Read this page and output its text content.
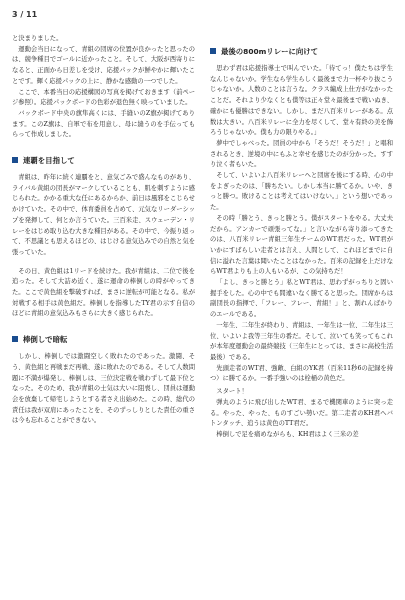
3 / 11

と決まりました。

運動会当日になって、青組の団席の位置が良かったと思ったのは、競争種目でゴールに近かったこと。そして、大阪が西寄りになると、正面から日差しを受け、応援パックが鮮やかに輝いたことです。輝く応援パックの上に、静かな感動の一つでした。

ここで、本番当日の応援構図の写真を掲げておきます（前ページ参照）。応援パックボードの色彩が退色無く映っていました。

バックボード中央の旗隼高くには、手縫いのZ旗が掲げてあります。このZ旗は、自軍で布を用意し、母に縫うのを手伝ってもらって作成しました。

連覇を目指して

青組は、昨年に続く連覇をと、意気ごみで盛んなものがあり、ライバル黄組の団長がマークしていることも、肌を刺すように感じられた。かかる重大な任にあるからか、前日は風邪をこじらせかけていた。その中で、体育委員を占めて、元気なリーダーシップを発揮して、何とか言うていた。三百米走、スウェーデン・リレーをはじめ取り込む大きな種目がある。その中で、今振り返って、不思議とも思えるほどの、はじける意気込みでの自然と気を張っていた。

その日、黄色組は1リードを続けた。我が青組は、二位で後を追った。そして大詰め近く、遂に運命の棒倒しの時がやってきた。ここで黄色組を撃破すれば、まさに逆転が可能となる。私が対戦する相手は黄色組だ。棒倒しを指導したTY君の示す自信のほどに青組の意気込みもさらに大きく感じられた。

棒倒しで暗転

しかし、棒倒しでは激闘空しく敗れたのであった。激闘、そう、黄色組と再戦まだ再戦、遂に敗れたのである。そして人数問題に不満が爆発し、棒倒しは、三位決定戦を戦わずして最下位となった。そのため、我が青組の士気は大いに阻喪し、団員は運動会を放棄して帰宅しようとする者さえ出始めた。この時、総代の責任は我が双肩にあったことを、そのずっしりとした責任の重さは今も忘れることができない。

最後の800mリレーに向けて

思わず君は応援指導士で叫んでいた。「待てっ！僕たちは学生なんじゃないか。学生なら学生らしく最後まで力一杯やり抜こうじゃないか。人数のことは言うな。クラス編成上仕方がなかったことだ。それより少なくとも僕等は正々堂々最後まで戦いぬき、確かにも優勝はできない。しかし、まだ八百米リレーがある。点数は大きい。八百米リレーに全力を尽くして、堂々有終の美を飾ろうじゃないか。僕も力の限りやる。」

夢中でしゃべった。団員の中から「そうだ！そうだ！」と唱和されるとき、逆境の中にもふと幸せを感じたのが分かった。すすり泣く者もいた。

そして、いよいよ八百米リレーへと団席を後にする時、心の中をよぎったのは、「勝ちたい。しかし本当に勝てるか。いや、きっと勝つ。敗けることは考えてはいけない。」という想いであった。

その時「勝とう、きっと勝とう。僕がスタートをやる。大丈夫だから。アンカーで頑張ってな。」と言いながら寄り添ってきたのは、八百米リレー青組三年生チームのWT君だった。WT君がいかにすばらしい走者とは言え、人間として、これほどまでに自信に溢れた言葉は聞いたことはなかった。百米の記録を上だけならWT君よりも上の人もいるが、この気持ちだ！

「よし、きっと勝とう」私とWT君は、思わずがっちりと固い握手をした。心の中でも間違いなく勝てると思った。団席からは副団長の指揮で、「フレー、フレー、青組！」と、割れんばかりのエールである。

一年生、二年生が終わり、青組は、一年生は一位、二年生は三位、いよいよ我等三年生の番だ。そして、泣いても笑ってもこれが本年度運動会の最終競技（三年生にとっては、まさに高校生活最後）である。

先頭走者のWT君、強敵、白組のYK君（百米11秒6の記録を持つ）に勝てるか。一番手強いのは栓桶の黄色だ。

スタート！

弾丸のように飛び出したWT君、まるで機関車のように突っ走る。やった、やった、ものすごい勢いだ。第二走者のKH君へバトンタッチ、追うは黄色のTT君だ。

棒倒しで足を痛めながらも、KH君はよく三米の差
